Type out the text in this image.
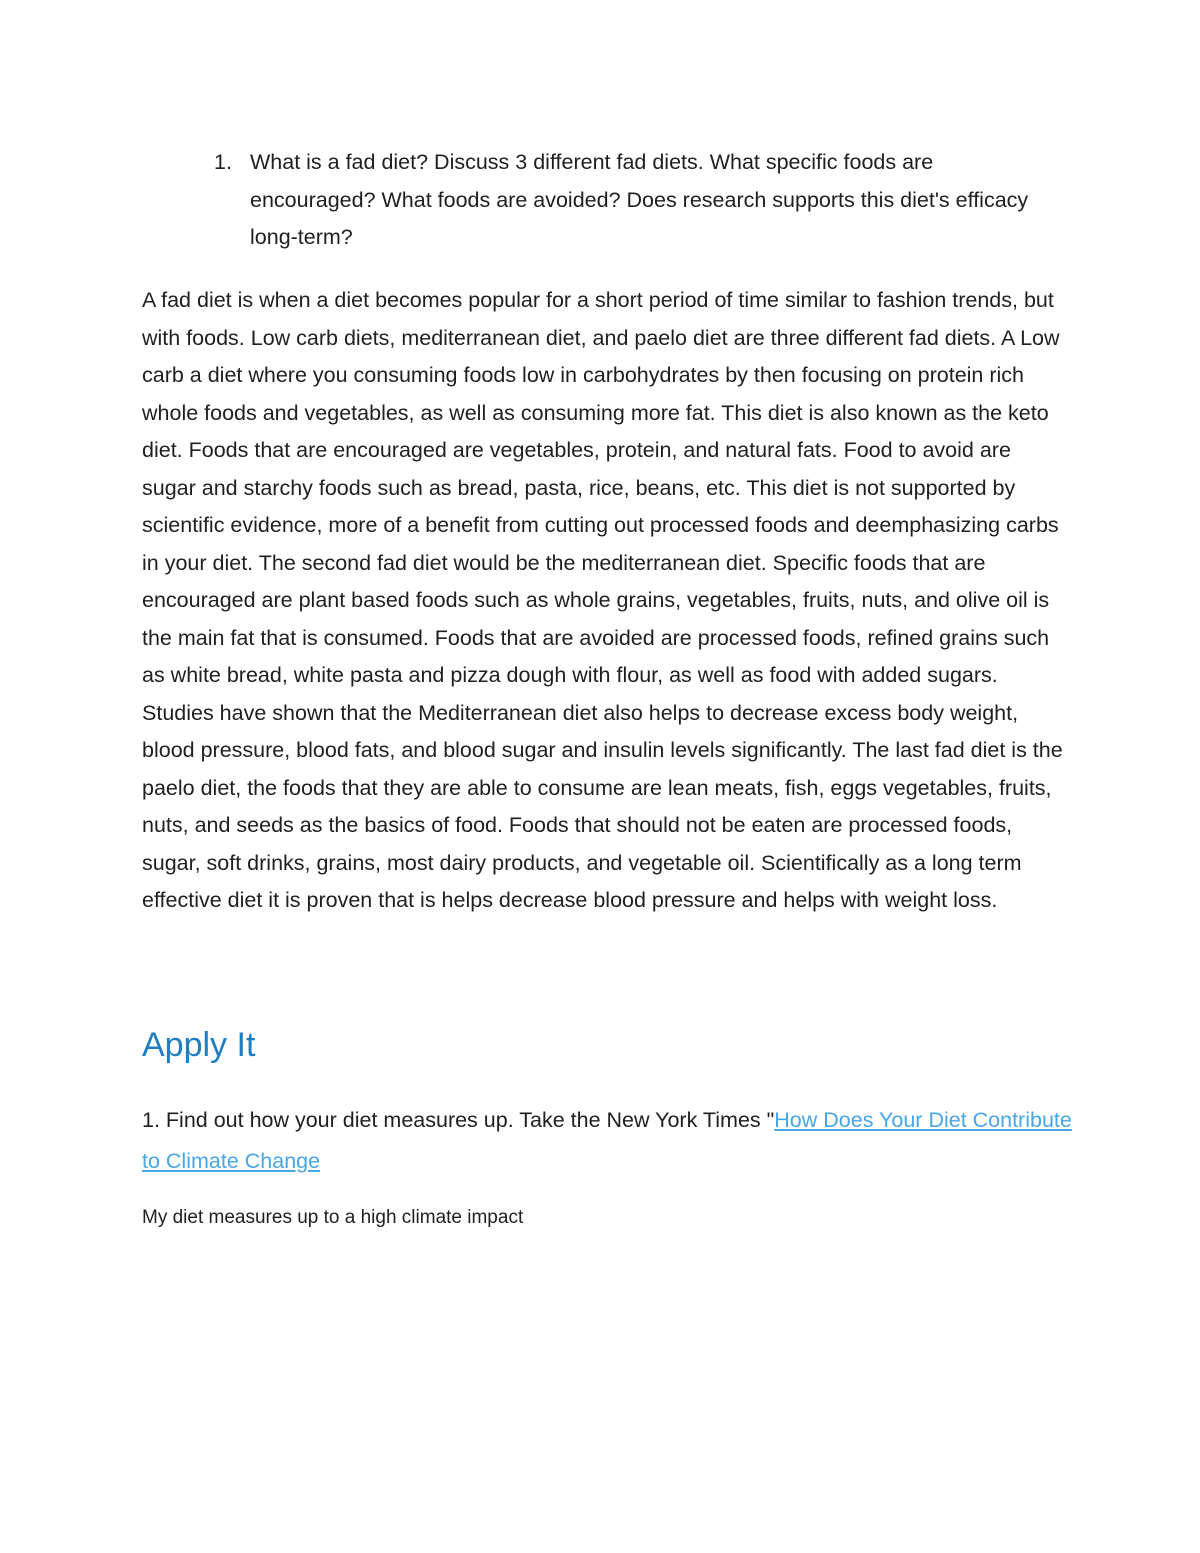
1. What is a fad diet? Discuss 3 different fad diets. What specific foods are encouraged? What foods are avoided? Does research supports this diet's efficacy long-term?

A fad diet is when a diet becomes popular for a short period of time similar to fashion trends, but with foods. Low carb diets, mediterranean diet, and paelo diet are three different fad diets. A Low carb a diet where you consuming foods low in carbohydrates by then focusing on protein rich whole foods and vegetables, as well as consuming more fat. This diet is also known as the keto diet. Foods that are encouraged are vegetables, protein, and natural fats. Food to avoid are sugar and starchy foods such as bread, pasta, rice, beans, etc. This diet is not supported by scientific evidence, more of a benefit from cutting out processed foods and deemphasizing carbs in your diet. The second fad diet would be the mediterranean diet. Specific foods that are encouraged are plant based foods such as whole grains, vegetables, fruits, nuts, and olive oil is the main fat that is consumed. Foods that are avoided are processed foods, refined grains such as white bread, white pasta and pizza dough with flour, as well as food with added sugars. Studies have shown that the Mediterranean diet also helps to decrease excess body weight, blood pressure, blood fats, and blood sugar and insulin levels significantly. The last fad diet is the paelo diet, the foods that they are able to consume are lean meats, fish, eggs vegetables, fruits, nuts, and seeds as the basics of food. Foods that should not be eaten are processed foods, sugar, soft drinks, grains, most dairy products, and vegetable oil. Scientifically as a long term effective diet it is proven that is helps decrease blood pressure and helps with weight loss.

Apply It

1. Find out how your diet measures up. Take the New York Times "How Does Your Diet Contribute to Climate Change

My diet measures up to a high climate impact
